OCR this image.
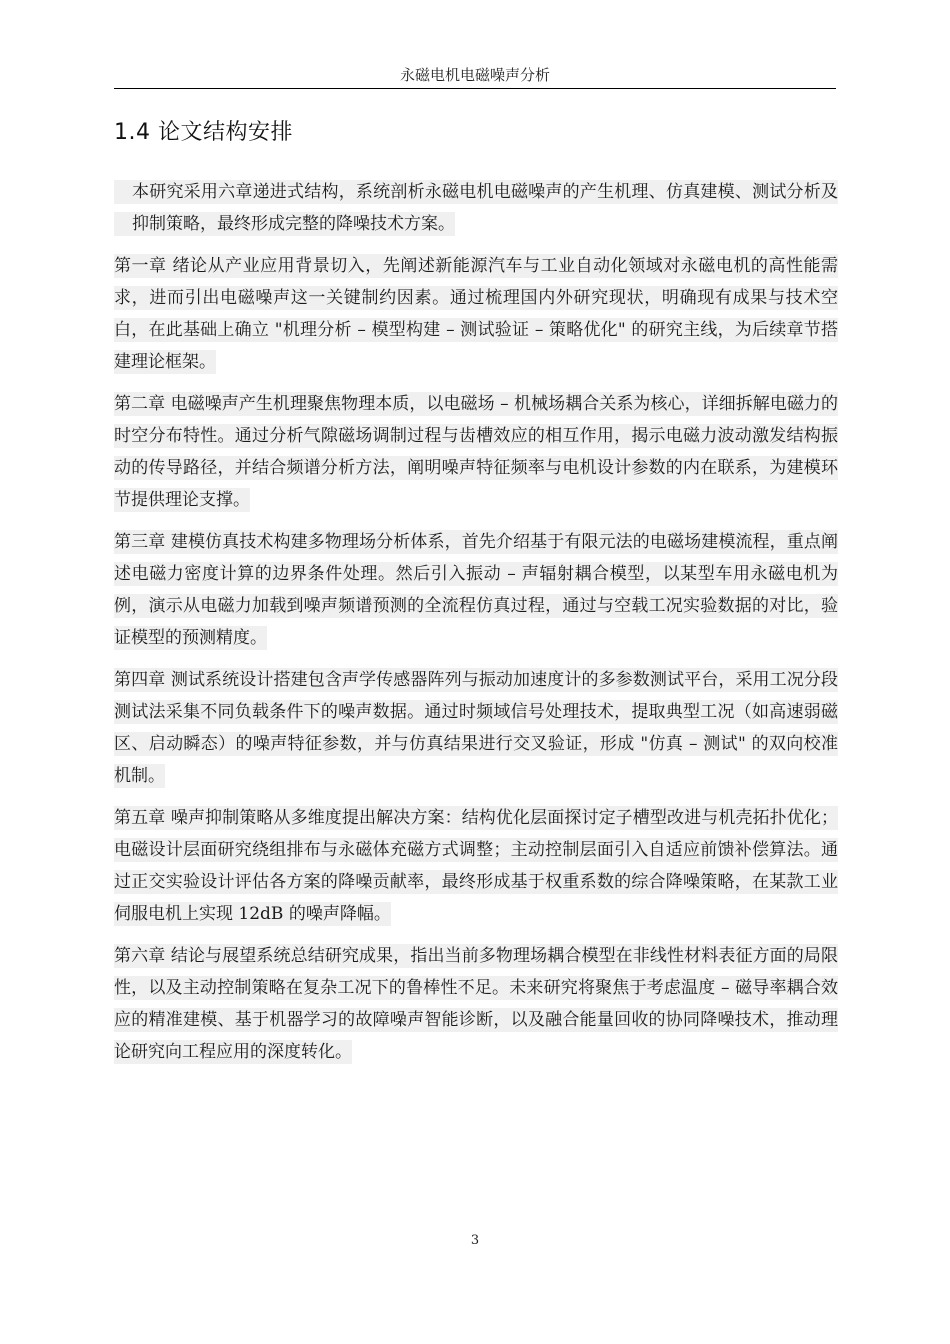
永磁电机电磁噪声分析
1.4 论文结构安排

本研究采用六章递进式结构，系统剖析永磁电机电磁噪声的产生机理、仿真建模、测试分析及抑制策略，最终形成完整的降噪技术方案。

第一章 绪论从产业应用背景切入，先阐述新能源汽车与工业自动化领域对永磁电机的高性能需求，进而引出电磁噪声这一关键制约因素。通过梳理国内外研究现状，明确现有成果与技术空白，在此基础上确立 "机理分析 – 模型构建 – 测试验证 – 策略优化" 的研究主线，为后续章节搭建理论框架。

第二章 电磁噪声产生机理聚焦物理本质，以电磁场 – 机械场耦合关系为核心，详细拆解电磁力的时空分布特性。通过分析气隙磁场调制过程与齿槽效应的相互作用，揭示电磁力波动激发结构振动的传导路径，并结合频谱分析方法，阐明噪声特征频率与电机设计参数的内在联系，为建模环节提供理论支撑。

第三章 建模仿真技术构建多物理场分析体系，首先介绍基于有限元法的电磁场建模流程，重点阐述电磁力密度计算的边界条件处理。然后引入振动 – 声辐射耦合模型，以某型车用永磁电机为例，演示从电磁力加载到噪声频谱预测的全流程仿真过程，通过与空载工况实验数据的对比，验证模型的预测精度。

第四章 测试系统设计搭建包含声学传感器阵列与振动加速度计的多参数测试平台，采用工况分段测试法采集不同负载条件下的噪声数据。通过时频域信号处理技术，提取典型工况（如高速弱磁区、启动瞬态）的噪声特征参数，并与仿真结果进行交叉验证，形成 "仿真 – 测试" 的双向校准机制。

第五章 噪声抑制策略从多维度提出解决方案：结构优化层面探讨定子槽型改进与机壳拓扑优化；电磁设计层面研究绕组排布与永磁体充磁方式调整；主动控制层面引入自适应前馈补偿算法。通过正交实验设计评估各方案的降噪贡献率，最终形成基于权重系数的综合降噪策略，在某款工业伺服电机上实现 12dB 的噪声降幅。

第六章 结论与展望系统总结研究成果，指出当前多物理场耦合模型在非线性材料表征方面的局限性，以及主动控制策略在复杂工况下的鲁棒性不足。未来研究将聚焦于考虑温度 – 磁导率耦合效应的精准建模、基于机器学习的故障噪声智能诊断，以及融合能量回收的协同降噪技术，推动理论研究向工程应用的深度转化。

3
